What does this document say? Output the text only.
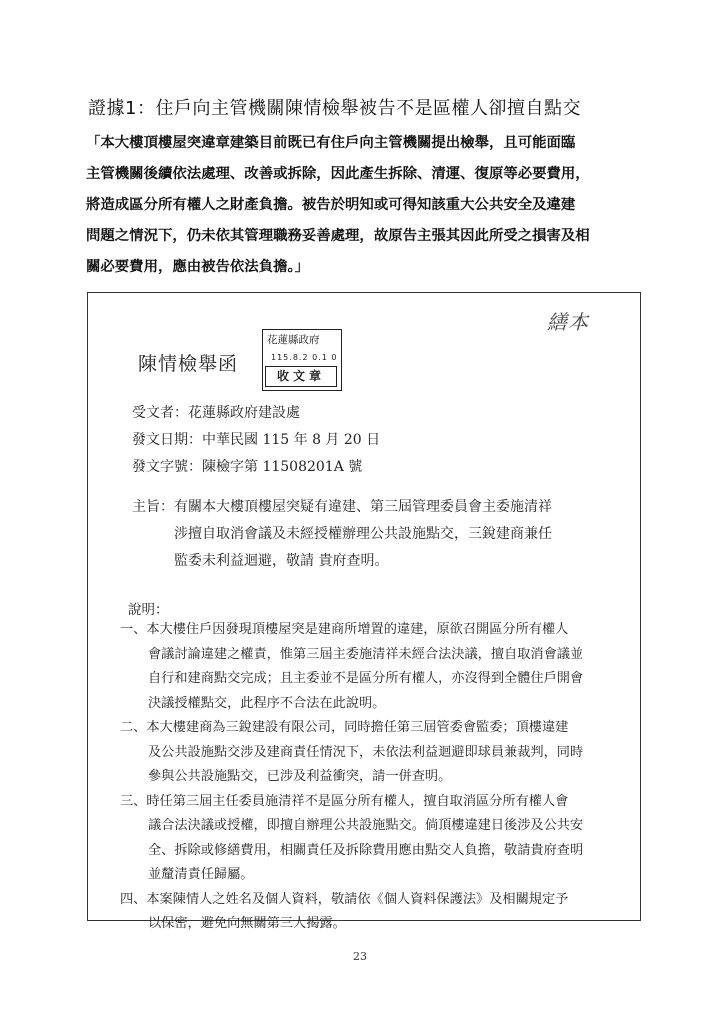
證據1：住戶向主管機關陳情檢舉被告不是區權人卻擅自點交

「本大樓頂樓屋突違章建築目前既已有住戶向主管機關提出檢舉，且可能面臨

主管機關後續依法處理、改善或拆除，因此產生拆除、清運、復原等必要費用，

將造成區分所有權人之財產負擔。被告於明知或可得知該重大公共安全及違建

問題之情況下，仍未依其管理職務妥善處理，故原告主張其因此所受之損害及相

關必要費用，應由被告依法負擔。」

繕本
花蓮縣政府
115.8.2 0.1 0
收文章
陳情檢舉函
受文者：花蓮縣政府建設處
發文日期：中華民國 115 年 8 月 20 日
發文字號：陳檢字第 11508201A 號

主旨：有關本大樓頂樓屋突疑有違建、第三屆管理委員會主委施清祥

涉擅自取消會議及未經授權辦理公共設施點交，三銳建商兼任

監委未利益迴避，敬請 貴府查明。

說明：

一、本大樓住戶因發現頂樓屋突是建商所增置的違建，原欲召開區分所有權人

會議討論違建之權責，惟第三屆主委施清祥未經合法決議，擅自取消會議並

自行和建商點交完成；且主委並不是區分所有權人，亦沒得到全體住戶開會

決議授權點交，此程序不合法在此說明。

二、本大樓建商為三銳建設有限公司，同時擔任第三屆管委會監委；頂樓違建

及公共設施點交涉及建商責任情況下，未依法利益迴避即球員兼裁判，同時

參與公共設施點交，已涉及利益衝突，請一併查明。

三、時任第三屆主任委員施清祥不是區分所有權人，擅自取消區分所有權人會

議合法決議或授權，即擅自辦理公共設施點交。倘頂樓違建日後涉及公共安

全、拆除或修繕費用，相關責任及拆除費用應由點交人負擔，敬請貴府查明

並釐清責任歸屬。

四、本案陳情人之姓名及個人資料，敬請依《個人資料保護法》及相關規定予

以保密，避免向無關第三人揭露。

23
